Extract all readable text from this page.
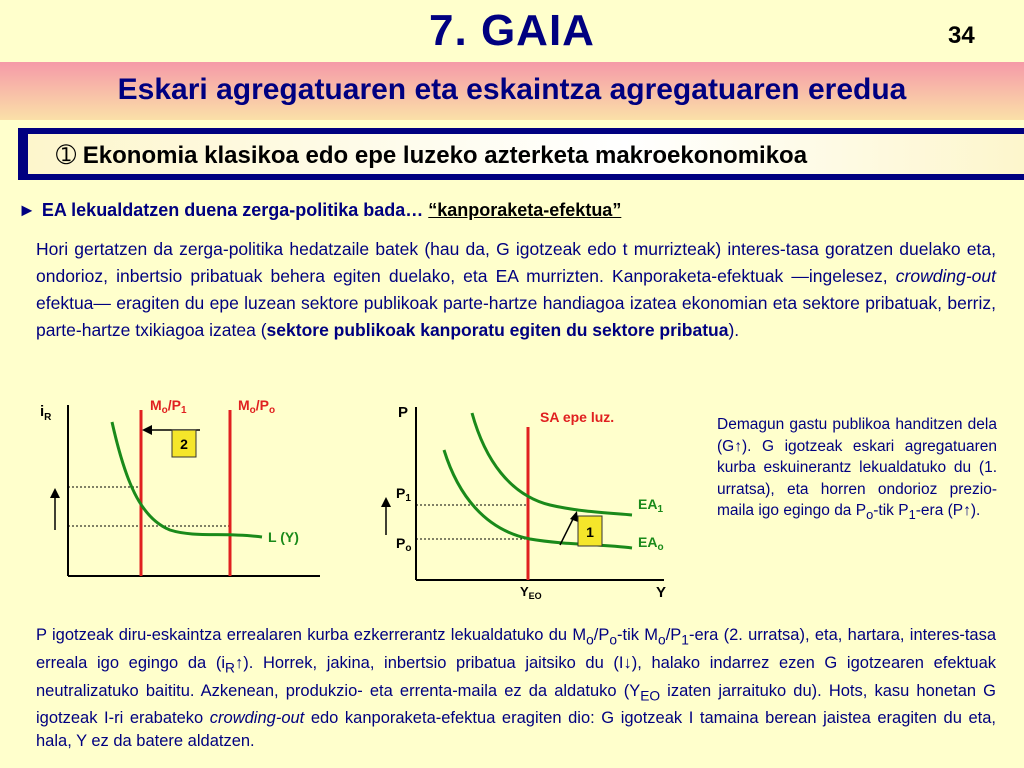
7. GAIA	34
Eskari agregatuaren eta eskaintza agregatuaren eredua
➀ Ekonomia klasikoa edo epe luzeko azterketa makroekonomikoa
► EA lekualdatzen duena zerga-politika bada… “kanporaketa-efektua”
Hori gertatzen da zerga-politika hedatzaile batek (hau da, G igotzeak edo t murrizteak) interes-tasa goratzen duelako eta, ondorioz, inbertsio pribatuak behera egiten duelako, eta EA murrizten. Kanporaketa-efektuak —ingelesez, crowding-out efektua— eragiten du epe luzean sektore publikoak parte-hartze handiagoa izatea ekonomian eta sektore pribatuak, berriz, parte-hartze txikiagoa izatea (sektore publikoak kanporatu egiten du sektore pribatua).
$i_R$
$M_o/P_1$	$M_o/P_o$
2
L (Y)
P
Y
$P_1$
$P_o$
SA epe luz.
$Y_{EO}$
$EA_1$
$EA_o$
1
Demagun gastu publikoa handitzen dela (G↑). G igotzeak eskari agregatuaren kurba eskuinerantz lekualdatuko du (1. urratsa), eta horren ondorioz prezio-maila igo egingo da $P_o$-tik $P_1$-era (P↑).
P igotzeak diru-eskaintza errealaren kurba ezkerrerantz lekualdatuko du $M_o/P_o$-tik $M_o/P_1$-era (2. urratsa), eta, hartara, interes-tasa erreala igo egingo da $(i_R↑)$. Horrek, jakina, inbertsio pribatua jaitsiko du (I↓), halako indarrez ezen G igotzearen efektuak neutralizatuko baititu. Azkenean, produkzio- eta errenta-maila ez da aldatuko ($Y_{EO}$ izaten jarraituko du). Hots, kasu honetan G igotzeak I-ri erabateko crowding-out edo kanporaketa-efektua eragiten dio: G igotzeak I tamaina berean jaistea eragiten du eta, hala, Y ez da batere aldatzen.
